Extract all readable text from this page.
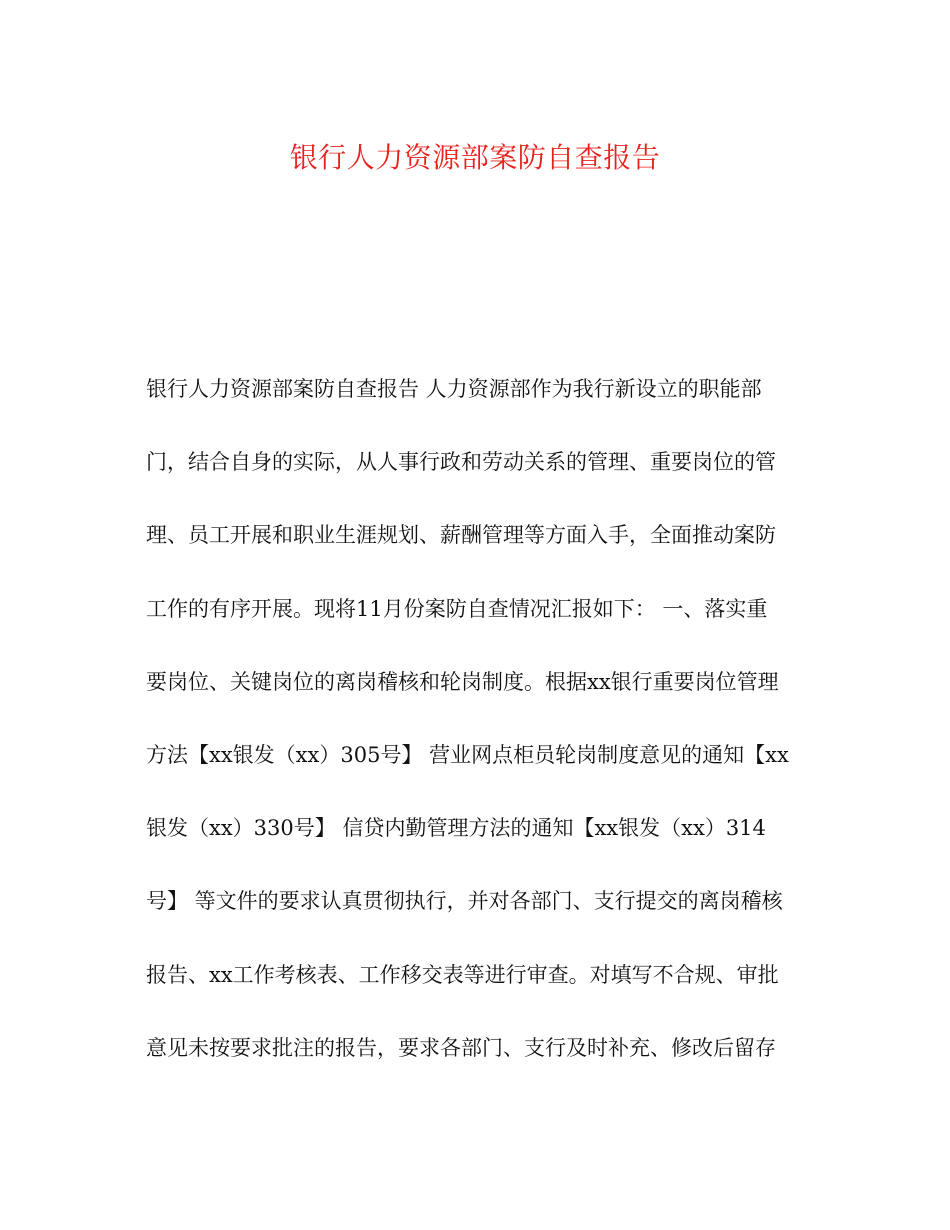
银行人力资源部案防自查报告
银行人力资源部案防自查报告 人力资源部作为我行新设立的职能部
门，结合自身的实际，从人事行政和劳动关系的管理、重要岗位的管
理、员工开展和职业生涯规划、薪酬管理等方面入手，全面推动案防
工作的有序开展。现将11月份案防自查情况汇报如下： 一、落实重
要岗位、关键岗位的离岗稽核和轮岗制度。根据xx银行重要岗位管理
方法【xx银发（xx）305号】 营业网点柜员轮岗制度意见的通知【xx
银发（xx）330号】 信贷内勤管理方法的通知【xx银发（xx）314
号】 等文件的要求认真贯彻执行，并对各部门、支行提交的离岗稽核
报告、xx工作考核表、工作移交表等进行审查。对填写不合规、审批
意见未按要求批注的报告，要求各部门、支行及时补充、修改后留存
